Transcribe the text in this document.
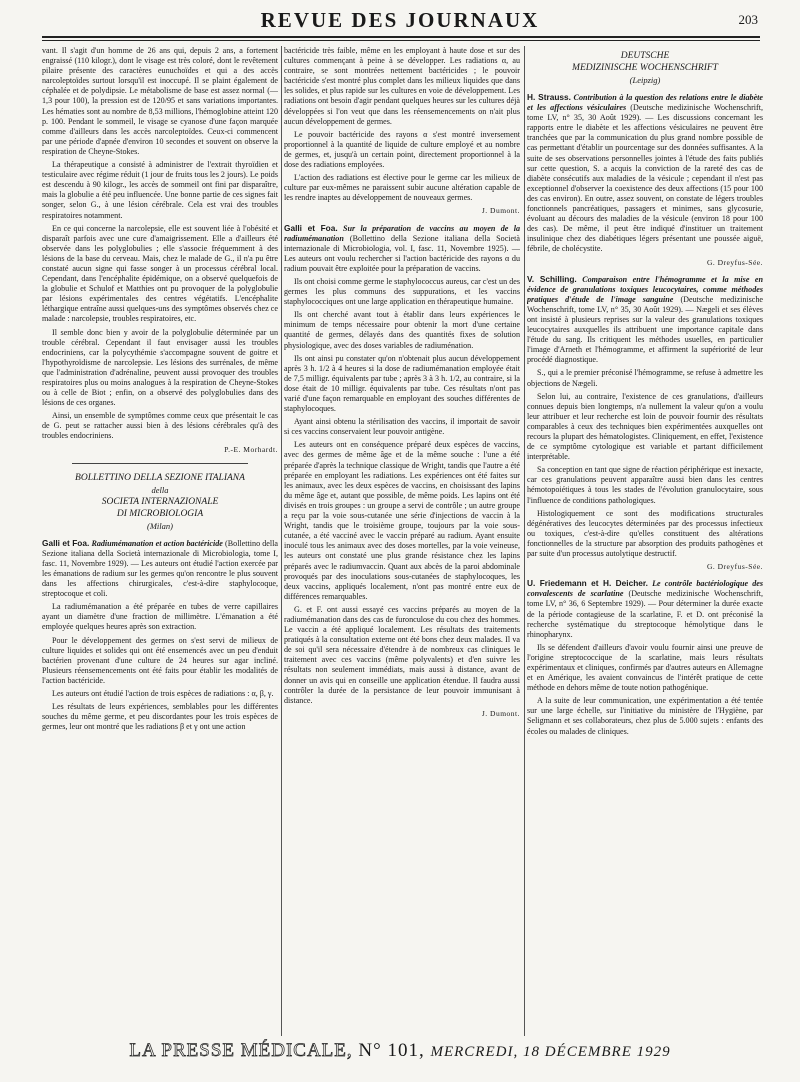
REVUE DES JOURNAUX	203

vant. Il s'agit d'un homme de 26 ans qui, depuis 2 ans, a fortement engraissé (110 kilogr.), dont le visage est très coloré, dont le revêtement pilaire présente des caractères eunuchoïdes et qui a des accès narcoleptoïdes surtout lorsqu'il est inoccupé. Il se plaint également de céphalée et de polydipsie. Le métabolisme de base est assez normal (— 1,3 pour 100), la pression est de 120/95 et sans variations importantes. Les hématies sont au nombre de 8,53 millions, l'hémoglobine atteint 120 p. 100. Pendant le sommeil, le visage se cyanose d'une façon marquée comme d'ailleurs dans les accès narcoleptoïdes. Ceux-ci commencent par une période d'apnée d'environ 10 secondes et souvent on observe la respiration de Cheyne-Stokes.

La thérapeutique a consisté à administrer de l'extrait thyroïdien et testiculaire avec régime réduit (1 jour de fruits tous les 2 jours). Le poids est descendu à 90 kilogr., les accès de sommeil ont fini par disparaître, mais la globulie a été peu influencée. Une bonne partie de ces signes fait songer, selon G., à une lésion cérébrale. Cela est vrai des troubles respiratoires notamment.

En ce qui concerne la narcolepsie, elle est souvent liée à l'obésité et disparaît parfois avec une cure d'amaigrissement. Elle a d'ailleurs été observée dans les polyglobulies ; elle s'associe fréquemment à des lésions de la base du cerveau. Mais, chez le malade de G., il n'a pu être constaté aucun signe qui fasse songer à un processus cérébral local. Cependant, dans l'encéphalite épidémique, on a observé quelquefois de la globulie et Schulof et Matthies ont pu provoquer de la polyglobulie par lésions expérimentales des centres végétatifs. L'encéphalite léthargique entraîne aussi quelques-uns des symptômes observés chez ce malade : narcolepsie, troubles respiratoires, etc.

Il semble donc bien y avoir de la polyglobulie déterminée par un trouble cérébral. Cependant il faut envisager aussi les troubles endocriniens, car la polycythémie s'accompagne souvent de goitre et l'hypothyroïdisme de narcolepsie. Les lésions des surrénales, de même que l'administration d'adrénaline, peuvent aussi provoquer des troubles respiratoires plus ou moins analogues à la respiration de Cheyne-Stokes ou à celle de Biot ; enfin, on a observé des polyglobulies dans des lésions de ces organes.

Ainsi, un ensemble de symptômes comme ceux que présentait le cas de G. peut se rattacher aussi bien à des lésions cérébrales qu'à des troubles endocriniens.

P.-E. Morhardt.
BOLLETTINO DELLA SEZIONE ITALIANA
della
SOCIETA INTERNAZIONALE
DI MICROBIOLOGIA
(Milan)

Galli et Foa. Radiumémanation et action bactéricide (Bollettino della Sezione italiana della Società internazionale di Microbiologia, tome I, fasc. 11, Novembre 1929). — Les auteurs ont étudié l'action exercée par les émanations de radium sur les germes qu'on rencontre le plus souvent dans les affections chirurgicales, c'est-à-dire staphylocoque, streptocoque et coli.

La radiumémanation a été préparée en tubes de verre capillaires ayant un diamètre d'une fraction de millimètre. L'émanation a été employée quelques heures après son extraction.

Pour le développement des germes on s'est servi de milieux de culture liquides et solides qui ont été ensemencés avec un peu d'enduit bactérien provenant d'une culture de 24 heures sur agar incliné. Plusieurs réensemencements ont été faits pour établir les modalités de l'action bactéricide.

Les auteurs ont étudié l'action de trois espèces de radiations : α, β, γ.

Les résultats de leurs expériences, semblables pour les différentes souches du même germe, et peu discordantes pour les trois espèces de germes, leur ont montré que les radiations β et γ ont une action

bactéricide très faible, même en les employant à haute dose et sur des cultures commençant à peine à se développer. Les radiations α, au contraire, se sont montrées nettement bactéricides ; le pouvoir bactéricide s'est montré plus complet dans les milieux liquides que dans les solides, et plus rapide sur les cultures en voie de développement. Les radiations ont besoin d'agir pendant quelques heures sur les cultures déjà développées si l'on veut que dans les réensemencements on n'ait plus aucun développement de germes.

Le pouvoir bactéricide des rayons α s'est montré inversement proportionnel à la quantité de liquide de culture employé et au nombre de germes, et, jusqu'à un certain point, directement proportionnel à la dose des radiations employées.

L'action des radiations est élective pour le germe car les milieux de culture par eux-mêmes ne paraissent subir aucune altération capable de les rendre inaptes au développement de nouveaux germes.

J. Dumont.

Galli et Foa. Sur la préparation de vaccins au moyen de la radiumémanation (Bollettino della Sezione italiana della Società internazionale di Microbiologia, vol. I, fasc. 11, Novembre 1925). — Les auteurs ont voulu rechercher si l'action bactéricide des rayons α du radium pouvait être exploitée pour la préparation de vaccins.

Ils ont choisi comme germe le staphylococcus aureus, car c'est un des germes les plus communs des suppurations, et les vaccins staphylococciques ont une large application en thérapeutique humaine.

Ils ont cherché avant tout à établir dans leurs expériences le minimum de temps nécessaire pour obtenir la mort d'une certaine quantité de germes, délayés dans des quantités fixes de solution physiologique, avec des doses variables de radiuménation.

Ils ont ainsi pu constater qu'on n'obtenait plus aucun développement après 3 h. 1/2 à 4 heures si la dose de radiumémanation employée était de 7,5 milligr. équivalents par tube ; après 3 à 3 h. 1/2, au contraire, si la dose était de 10 milligr. équivalents par tube. Ces résultats n'ont pas varié d'une façon remarquable en employant des souches différentes de staphylocoques.

Ayant ainsi obtenu la stérilisation des vaccins, il importait de savoir si ces vaccins conservaient leur pouvoir antigène.

Les auteurs ont en conséquence préparé deux espèces de vaccins, avec des germes de même âge et de la même souche : l'une a été préparée d'après la technique classique de Wright, tandis que l'autre a été préparée en employant les radiations. Les expériences ont été faites sur les animaux, avec les deux espèces de vaccins, en choisissant des lapins du même âge et, autant que possible, de même poids. Les lapins ont été divisés en trois groupes : un groupe a servi de contrôle ; un autre groupe a reçu par la voie sous-cutanée une série d'injections de vaccin à la Wright, tandis que le troisième groupe, toujours par la voie sous-cutanée, a été vacciné avec le vaccin préparé au radium. Ayant ensuite inoculé tous les animaux avec des doses mortelles, par la voie veineuse, les auteurs ont constaté une plus grande résistance chez les lapins préparés avec le radiumvaccin. Quant aux abcès de la paroi abdominale provoqués par des inoculations sous-cutanées de staphylocoques, les deux vaccins, appliqués localement, n'ont pas montré entre eux de différences remarquables.

G. et F. ont aussi essayé ces vaccins préparés au moyen de la radiumémanation dans des cas de furonculose du cou chez des hommes. Le vaccin a été appliqué localement. Les résultats des traitements pratiqués à la consultation externe ont été bons chez deux malades. Il va de soi qu'il sera nécessaire d'étendre à de nombreux cas cliniques le traitement avec ces vaccins (même polyvalents) et d'en suivre les résultats non seulement immédiats, mais aussi à distance, avant de donner un avis qui en conseille une application étendue. Il faudra aussi contrôler la durée de la persistance de leur pouvoir immunisant à distance.

J. Dumont.
DEUTSCHE
MEDIZINISCHE WOCHENSCHRIFT
(Leipzig)

H. Strauss. Contribution à la question des relations entre le diabète et les affections vésiculaires (Deutsche medizinische Wochenschrift, tome LV, n° 35, 30 Août 1929). — Les discussions concernant les rapports entre le diabète et les affections vésiculaires ne peuvent être tranchées que par la communication du plus grand nombre possible de cas permettant d'établir un pourcentage sur des données suffisantes. A la suite de ses observations personnelles jointes à l'étude des faits publiés sur cette question, S. a acquis la conviction de la rareté des cas de diabète consécutifs aux maladies de la vésicule ; cependant il n'est pas exceptionnel d'observer la coexistence des deux affections (15 pour 100 des cas environ). En outre, assez souvent, on constate de légers troubles fonctionnels pancréatiques, passagers et minimes, sans glycosurie, évoluant au décours des maladies de la vésicule (environ 18 pour 100 des cas). De même, il peut être indiqué d'instituer un traitement insulinique chez des diabétiques légers présentant une poussée aiguë, fébrile, de cholécystite.

G. Dreyfus-Sée.

V. Schilling. Comparaison entre l'hémogramme et la mise en évidence de granulations toxiques leucocytaires, comme méthodes pratiques d'étude de l'image sanguine (Deutsche medizinische Wochenschrift, tome LV, n° 35, 30 Août 1929). — Nægeli et ses élèves ont insisté à plusieurs reprises sur la valeur des granulations toxiques leucocytaires auxquelles ils attribuent une importance capitale dans l'étude du sang. Ils critiquent les méthodes usuelles, en particulier l'image d'Arneth et l'hémogramme, et affirment la supériorité de leur procédé diagnostique.

S., qui a le premier préconisé l'hémogramme, se refuse à admettre les objections de Nægeli.

Selon lui, au contraire, l'existence de ces granulations, d'ailleurs connues depuis bien longtemps, n'a nullement la valeur qu'on a voulu leur attribuer et leur recherche est loin de pouvoir fournir des résultats comparables à ceux des techniques bien expérimentées auxquelles ont recours la plupart des hématologistes. Cliniquement, en effet, l'existence de ce symptôme cytologique est variable et partant difficilement interprétable.

Sa conception en tant que signe de réaction périphérique est inexacte, car ces granulations peuvent apparaître aussi bien dans les centres hémotopoiétiques à tous les stades de l'évolution granulocytaire, sous l'influence de conditions pathologiques.

Histologiquement ce sont des modifications structurales dégénératives des leucocytes déterminées par des processus infectieux ou toxiques, c'est-à-dire qu'elles constituent des altérations fonctionnelles de la structure par absorption des produits pathogènes et par suite d'un processus autolytique destructif.

G. Dreyfus-Sée.

U. Friedemann et H. Deicher. Le contrôle bactériologique des convalescents de scarlatine (Deutsche medizinische Wochenschrift, tome LV, n° 36, 6 Septembre 1929). — Pour déterminer la durée exacte de la période contagieuse de la scarlatine, F. et D. ont préconisé la recherche systématique du streptocoque hémolytique dans le rhinopharynx.

Ils se défendent d'ailleurs d'avoir voulu fournir ainsi une preuve de l'origine streptococcique de la scarlatine, mais leurs résultats expérimentaux et cliniques, confirmés par d'autres auteurs en Allemagne et en Amérique, les avaient convaincus de l'intérêt pratique de cette méthode en dehors même de toute notion pathogénique.

A la suite de leur communication, une expérimentation a été tentée sur une large échelle, sur l'initiative du ministère de l'Hygiène, par Seligmann et ses collaborateurs, chez plus de 5.000 sujets : enfants des écoles ou malades de cliniques.

LA PRESSE MÉDICALE, N° 101, MERCREDI, 18 DÉCEMBRE 1929
